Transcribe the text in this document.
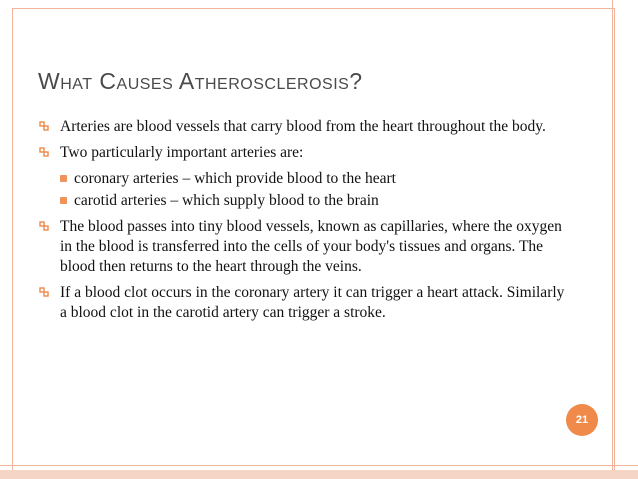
What Causes Atherosclerosis?
Arteries are blood vessels that carry blood from the heart throughout the body.
Two particularly important arteries are:
coronary arteries – which provide blood to the heart
carotid arteries – which supply blood to the brain
The blood passes into tiny blood vessels, known as capillaries, where the oxygen in the blood is transferred into the cells of your body's tissues and organs. The blood then returns to the heart through the veins.
If a blood clot occurs in the coronary artery it can trigger a heart attack. Similarly a blood clot in the carotid artery can trigger a stroke.
21
